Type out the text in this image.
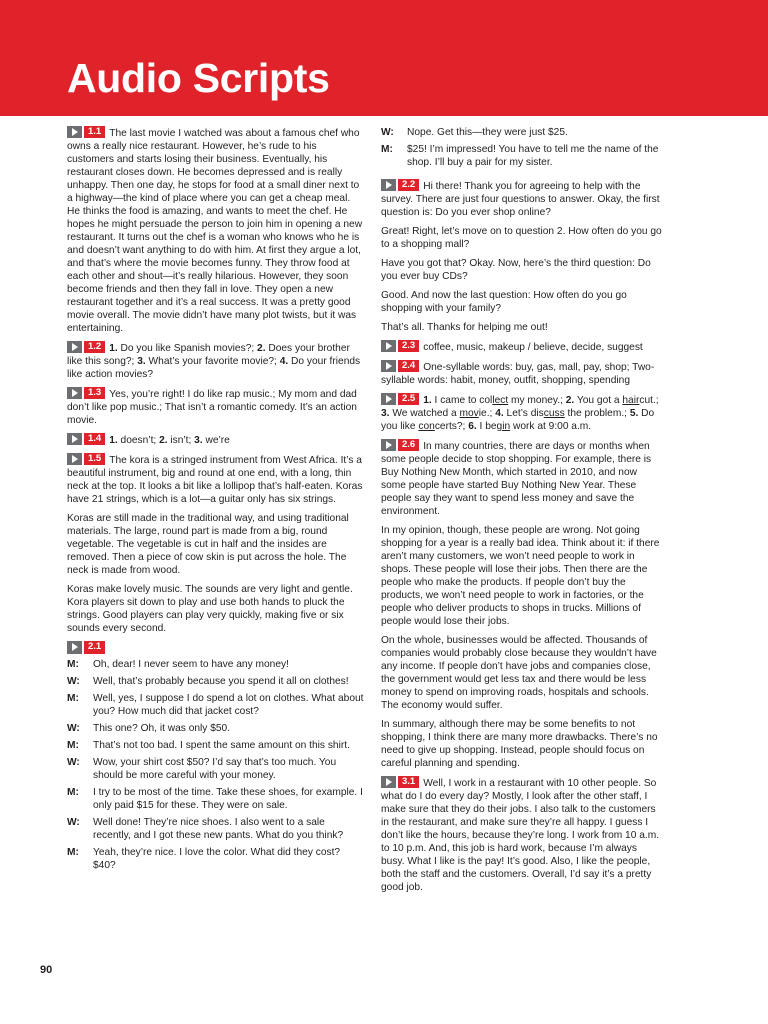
Audio Scripts

1.1 The last movie I watched was about a famous chef who owns a really nice restaurant. However, he’s rude to his customers and starts losing their business. Eventually, his restaurant closes down. He becomes depressed and is really unhappy. Then one day, he stops for food at a small diner next to a highway—the kind of place where you can get a cheap meal. He thinks the food is amazing, and wants to meet the chef. He hopes he might persuade the person to join him in opening a new restaurant. It turns out the chef is a woman who knows who he is and doesn’t want anything to do with him. At first they argue a lot, and that’s where the movie becomes funny. They throw food at each other and shout—it’s really hilarious. However, they soon become friends and then they fall in love. They open a new restaurant together and it’s a real success. It was a pretty good movie overall. The movie didn’t have many plot twists, but it was entertaining.

1.2 1. Do you like Spanish movies?; 2. Does your brother like this song?; 3. What’s your favorite movie?; 4. Do your friends like action movies?

1.3 Yes, you’re right! I do like rap music.; My mom and dad don’t like pop music.; That isn’t a romantic comedy. It’s an action movie.

1.4 1. doesn’t; 2. isn’t; 3. we’re

1.5 The kora is a stringed instrument from West Africa. It’s a beautiful instrument, big and round at one end, with a long, thin neck at the top. It looks a bit like a lollipop that’s half-eaten. Koras have 21 strings, which is a lot—a guitar only has six strings.

Koras are still made in the traditional way, and using traditional materials. The large, round part is made from a big, round vegetable. The vegetable is cut in half and the insides are removed. Then a piece of cow skin is put across the hole. The neck is made from wood.

Koras make lovely music. The sounds are very light and gentle. Kora players sit down to play and use both hands to pluck the strings. Good players can play very quickly, making five or six sounds every second.

2.1
M:	Oh, dear! I never seem to have any money!
W:	Well, that’s probably because you spend it all on clothes!
M:	Well, yes, I suppose I do spend a lot on clothes. What about you? How much did that jacket cost?
W:	This one? Oh, it was only $50.
M:	That’s not too bad. I spent the same amount on this shirt.
W:	Wow, your shirt cost $50? I’d say that’s too much. You should be more careful with your money.
M:	I try to be most of the time. Take these shoes, for example. I only paid $15 for these. They were on sale.
W:	Well done! They’re nice shoes. I also went to a sale recently, and I got these new pants. What do you think?
M:	Yeah, they’re nice. I love the color. What did they cost? $40?
W:	Nope. Get this—they were just $25.
M:	$25! I’m impressed! You have to tell me the name of the shop. I’ll buy a pair for my sister.

2.2 Hi there! Thank you for agreeing to help with the survey. There are just four questions to answer. Okay, the first question is: Do you ever shop online?

Great! Right, let’s move on to question 2. How often do you go to a shopping mall?

Have you got that? Okay. Now, here’s the third question: Do you ever buy CDs?

Good. And now the last question: How often do you go shopping with your family?

That’s all. Thanks for helping me out!

2.3 coffee, music, makeup / believe, decide, suggest

2.4 One-syllable words: buy, gas, mall, pay, shop; Two-syllable words: habit, money, outfit, shopping, spending

2.5 1. I came to collect my money.; 2. You got a haircut.; 3. We watched a movie.; 4. Let’s discuss the problem.; 5. Do you like concerts?; 6. I begin work at 9:00 a.m.

2.6 In many countries, there are days or months when some people decide to stop shopping. For example, there is Buy Nothing New Month, which started in 2010, and now some people have started Buy Nothing New Year. These people say they want to spend less money and save the environment.

In my opinion, though, these people are wrong. Not going shopping for a year is a really bad idea. Think about it: if there aren’t many customers, we won’t need people to work in shops. These people will lose their jobs. Then there are the people who make the products. If people don’t buy the products, we won’t need people to work in factories, or the people who deliver products to shops in trucks. Millions of people would lose their jobs.

On the whole, businesses would be affected. Thousands of companies would probably close because they wouldn’t have any income. If people don’t have jobs and companies close, the government would get less tax and there would be less money to spend on improving roads, hospitals and schools. The economy would suffer.

In summary, although there may be some benefits to not shopping, I think there are many more drawbacks. There’s no need to give up shopping. Instead, people should focus on careful planning and spending.

3.1 Well, I work in a restaurant with 10 other people. So what do I do every day? Mostly, I look after the other staff, I make sure that they do their jobs. I also talk to the customers in the restaurant, and make sure they’re all happy. I guess I don’t like the hours, because they’re long. I work from 10 a.m. to 10 p.m. And, this job is hard work, because I’m always busy. What I like is the pay! It’s good. Also, I like the people, both the staff and the customers. Overall, I’d say it’s a pretty good job.

90
